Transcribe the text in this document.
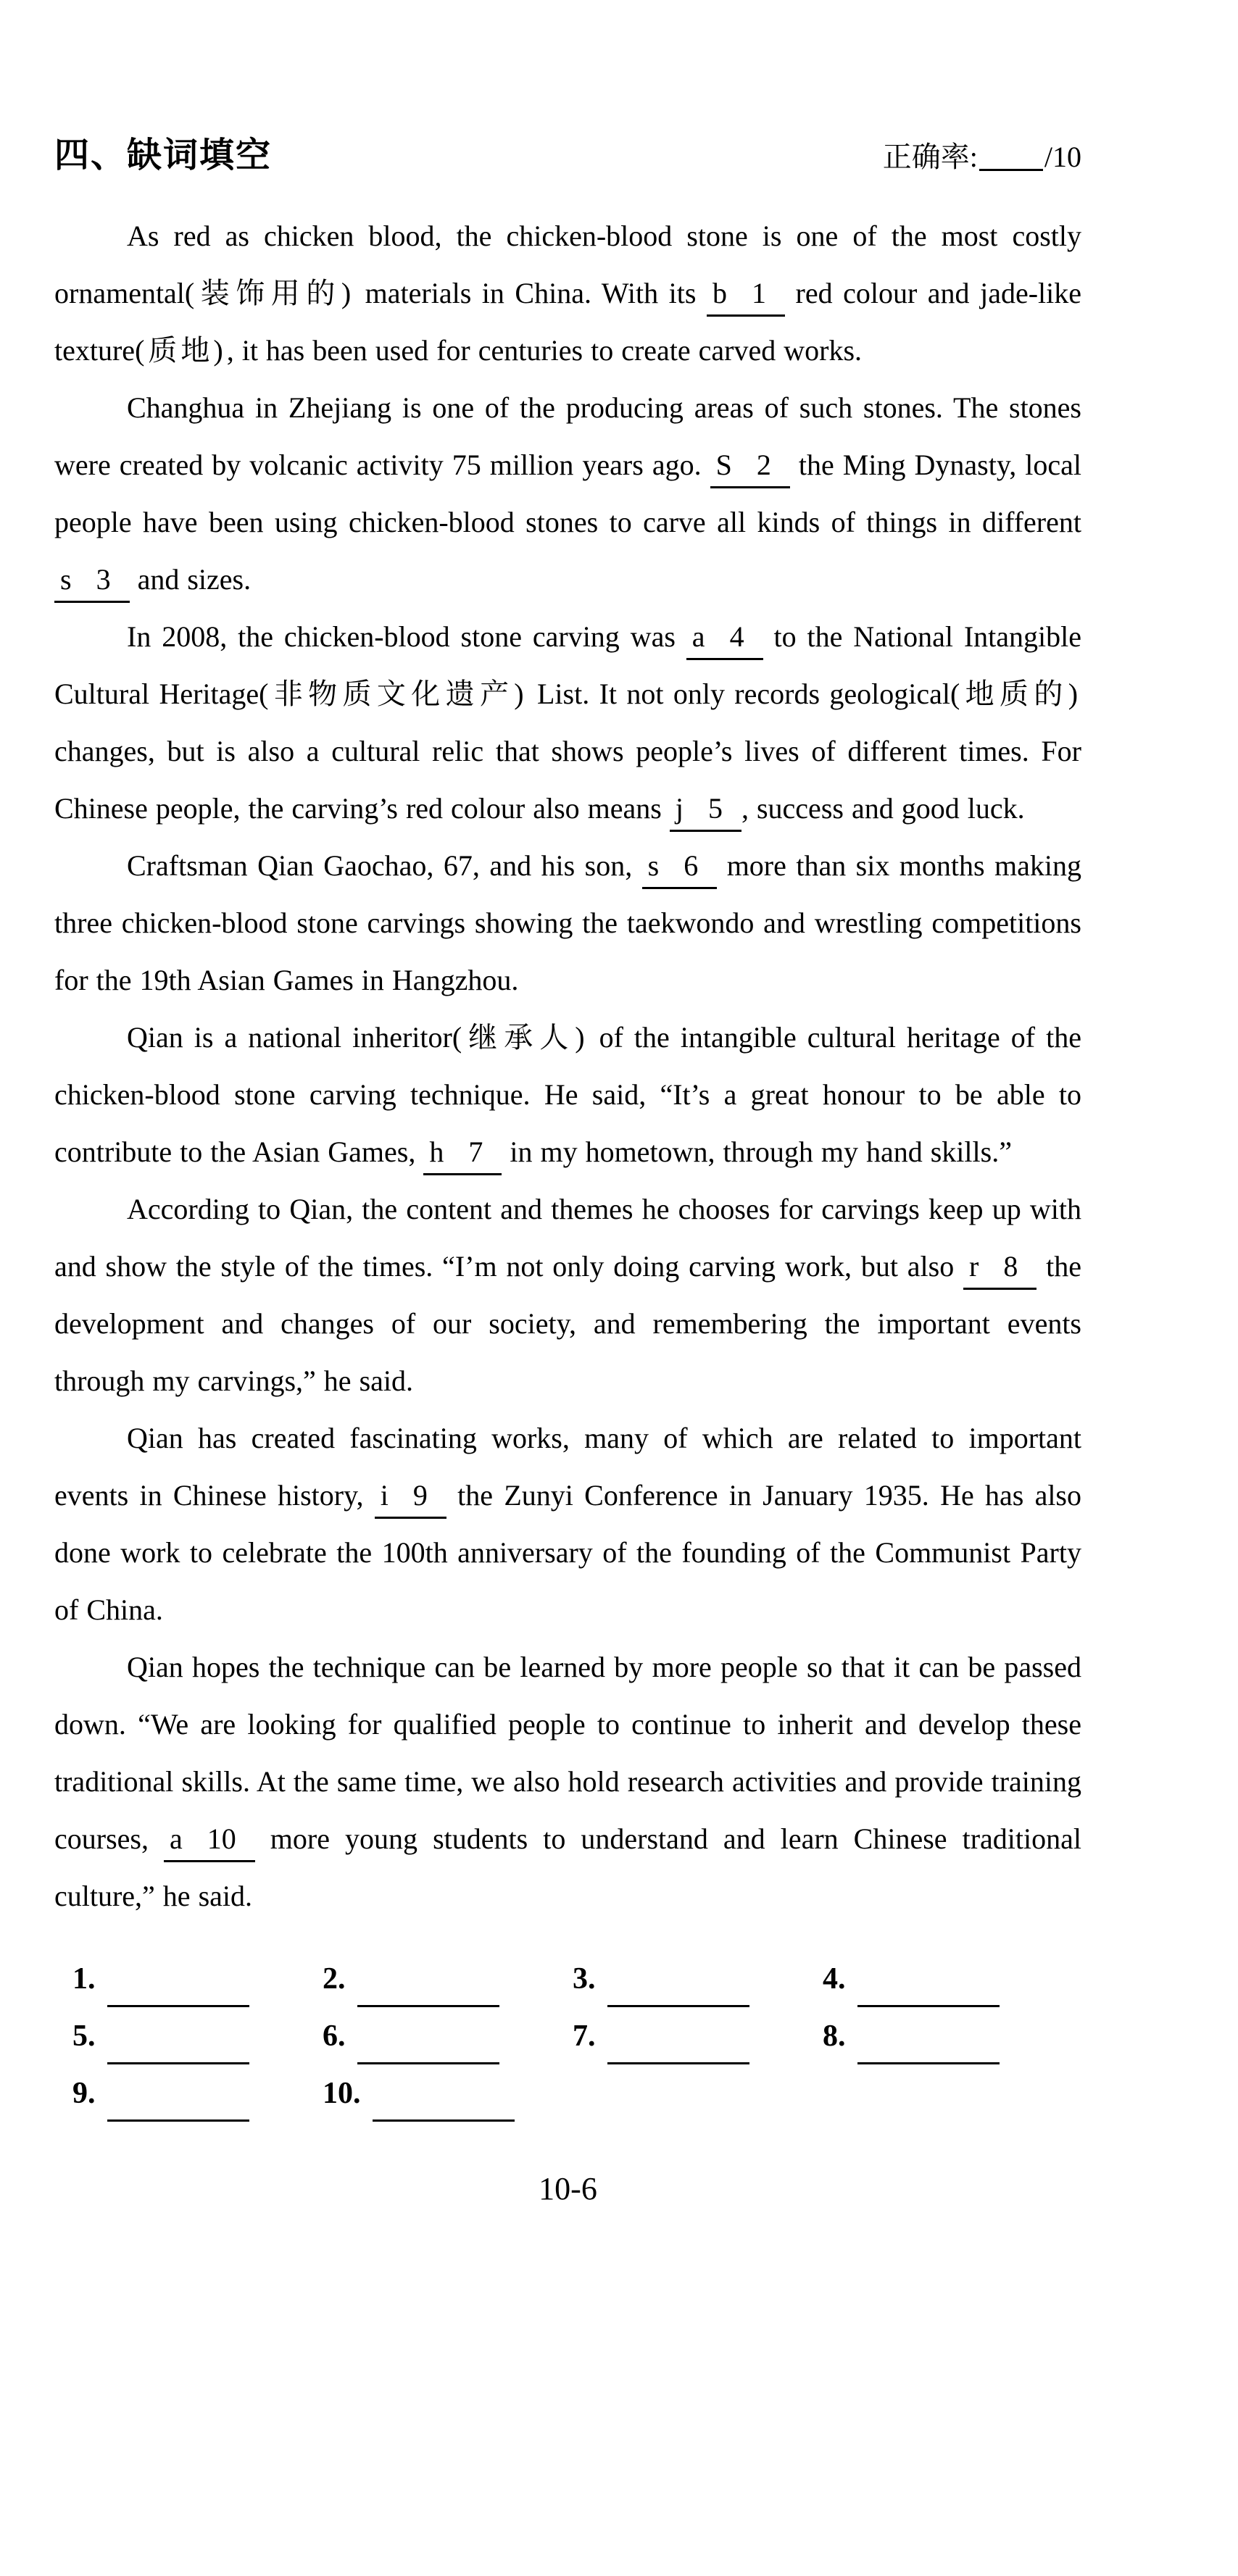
四、缺词填空	正确率: /10

As red as chicken blood, the chicken-blood stone is one of the most costly ornamental(装饰用的) materials in China. With its b 1 red colour and jade-like texture(质地), it has been used for centuries to create carved works.

Changhua in Zhejiang is one of the producing areas of such stones. The stones were created by volcanic activity 75 million years ago. S 2 the Ming Dynasty, local people have been using chicken-blood stones to carve all kinds of things in different s 3 and sizes.

In 2008, the chicken-blood stone carving was a 4 to the National Intangible Cultural Heritage(非物质文化遗产) List. It not only records geological(地质的) changes, but is also a cultural relic that shows people’s lives of different times. For Chinese people, the carving’s red colour also means j 5 , success and good luck.

Craftsman Qian Gaochao, 67, and his son, s 6 more than six months making three chicken-blood stone carvings showing the taekwondo and wrestling competitions for the 19th Asian Games in Hangzhou.

Qian is a national inheritor(继承人) of the intangible cultural heritage of the chicken-blood stone carving technique. He said, “It’s a great honour to be able to contribute to the Asian Games, h 7 in my hometown, through my hand skills.”

According to Qian, the content and themes he chooses for carvings keep up with and show the style of the times. “I’m not only doing carving work, but also r 8 the development and changes of our society, and remembering the important events through my carvings,” he said.

Qian has created fascinating works, many of which are related to important events in Chinese history, i 9 the Zunyi Conference in January 1935. He has also done work to celebrate the 100th anniversary of the founding of the Communist Party of China.

Qian hopes the technique can be learned by more people so that it can be passed down. “We are looking for qualified people to continue to inherit and develop these traditional skills. At the same time, we also hold research activities and provide training courses, a 10 more young students to understand and learn Chinese traditional culture,” he said.

1.	2.	3.	4.
5.	6.	7.	8.
9.	10.
10-6
